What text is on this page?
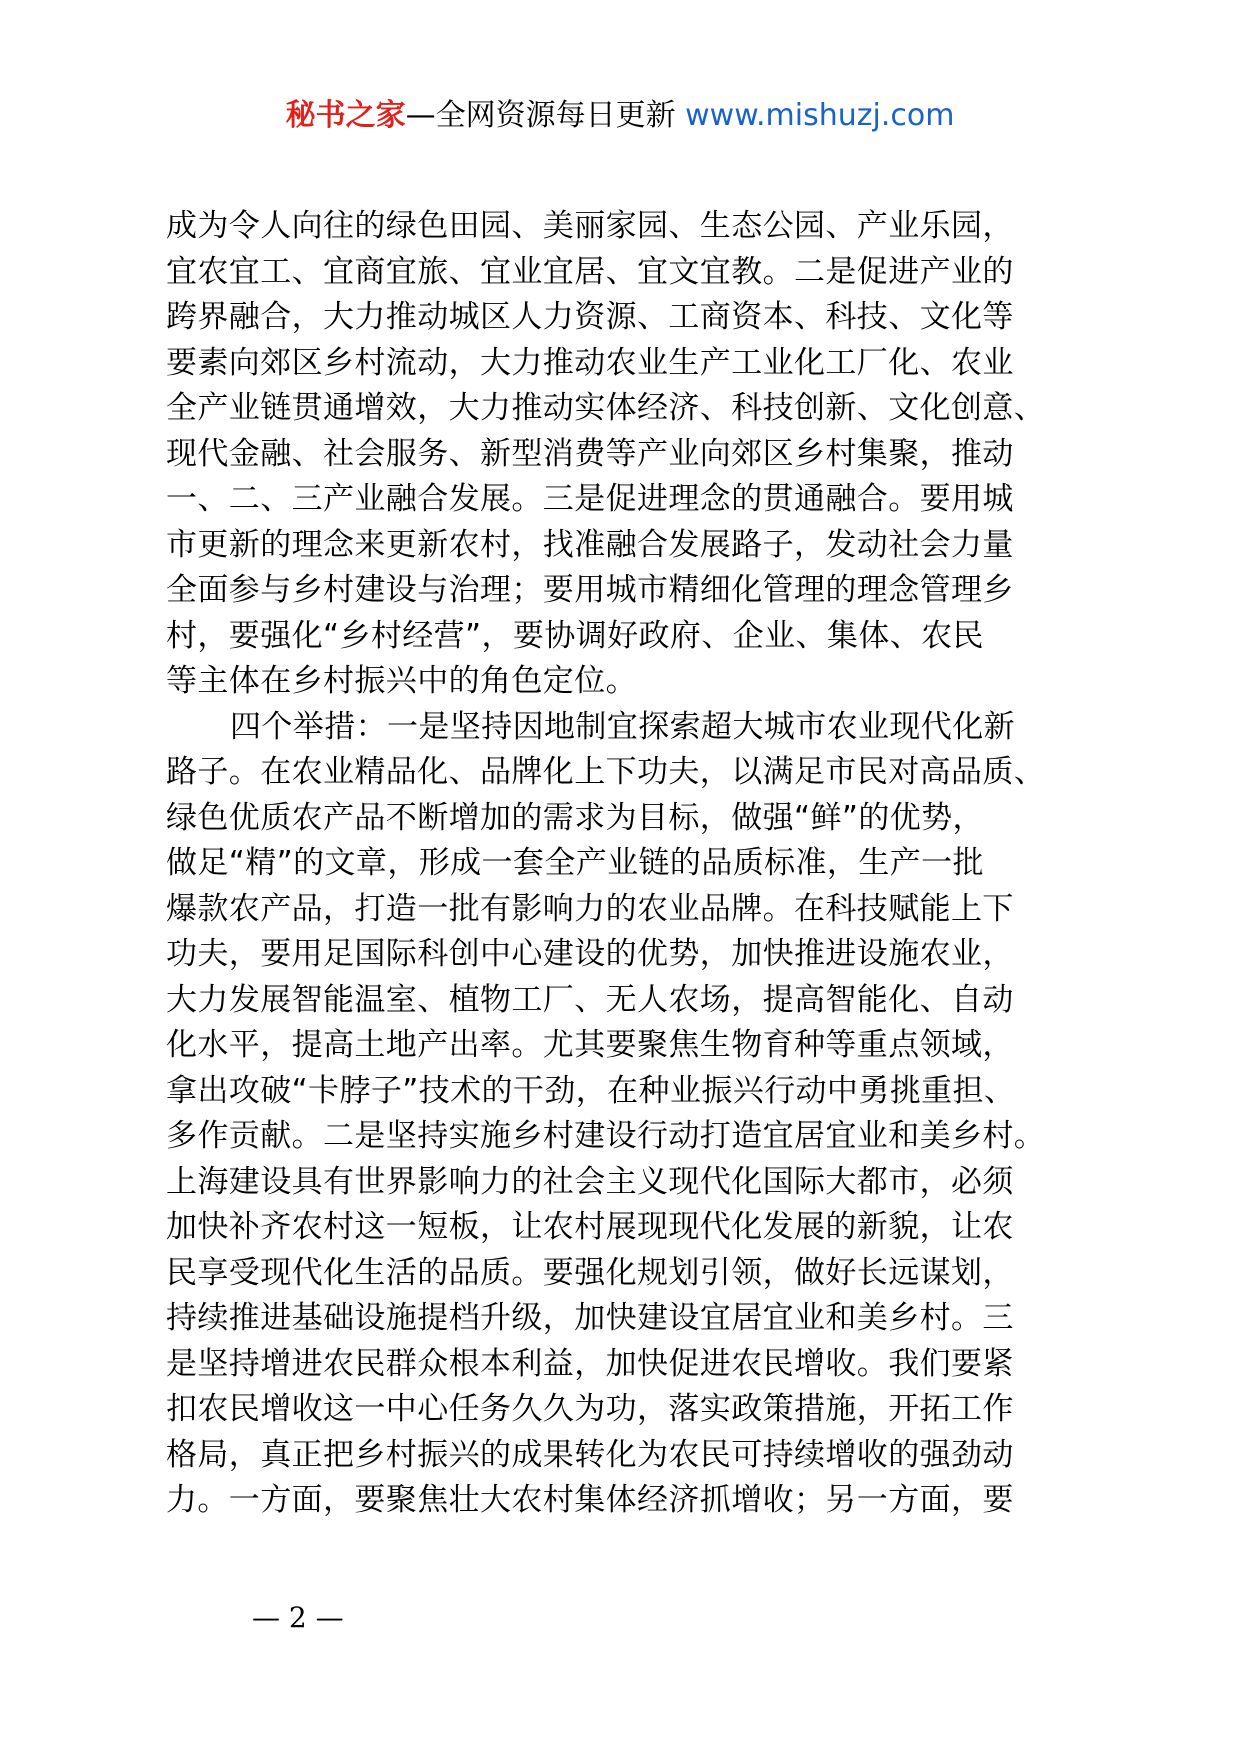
秘书之家—全网资源每日更新 www.mishuzj.com
成为令人向往的绿色田园、美丽家园、生态公园、产业乐园，
宜农宜工、宜商宜旅、宜业宜居、宜文宜教。二是促进产业的
跨界融合，大力推动城区人力资源、工商资本、科技、文化等
要素向郊区乡村流动，大力推动农业生产工业化工厂化、农业
全产业链贯通增效，大力推动实体经济、科技创新、文化创意、
现代金融、社会服务、新型消费等产业向郊区乡村集聚，推动
一、二、三产业融合发展。三是促进理念的贯通融合。要用城
市更新的理念来更新农村，找准融合发展路子，发动社会力量
全面参与乡村建设与治理；要用城市精细化管理的理念管理乡
村，要强化“乡村经营”，要协调好政府、企业、集体、农民
等主体在乡村振兴中的角色定位。
四个举措：一是坚持因地制宜探索超大城市农业现代化新
路子。在农业精品化、品牌化上下功夫，以满足市民对高品质、
绿色优质农产品不断增加的需求为目标，做强“鲜”的优势，
做足“精”的文章，形成一套全产业链的品质标准，生产一批
爆款农产品，打造一批有影响力的农业品牌。在科技赋能上下
功夫，要用足国际科创中心建设的优势，加快推进设施农业，
大力发展智能温室、植物工厂、无人农场，提高智能化、自动
化水平，提高土地产出率。尤其要聚焦生物育种等重点领域，
拿出攻破“卡脖子”技术的干劲，在种业振兴行动中勇挑重担、
多作贡献。二是坚持实施乡村建设行动打造宜居宜业和美乡村。
上海建设具有世界影响力的社会主义现代化国际大都市，必须
加快补齐农村这一短板，让农村展现现代化发展的新貌，让农
民享受现代化生活的品质。要强化规划引领，做好长远谋划，
持续推进基础设施提档升级，加快建设宜居宜业和美乡村。三
是坚持增进农民群众根本利益，加快促进农民增收。我们要紧
扣农民增收这一中心任务久久为功，落实政策措施，开拓工作
格局，真正把乡村振兴的成果转化为农民可持续增收的强劲动
力。一方面，要聚焦壮大农村集体经济抓增收；另一方面，要
— 2 —
